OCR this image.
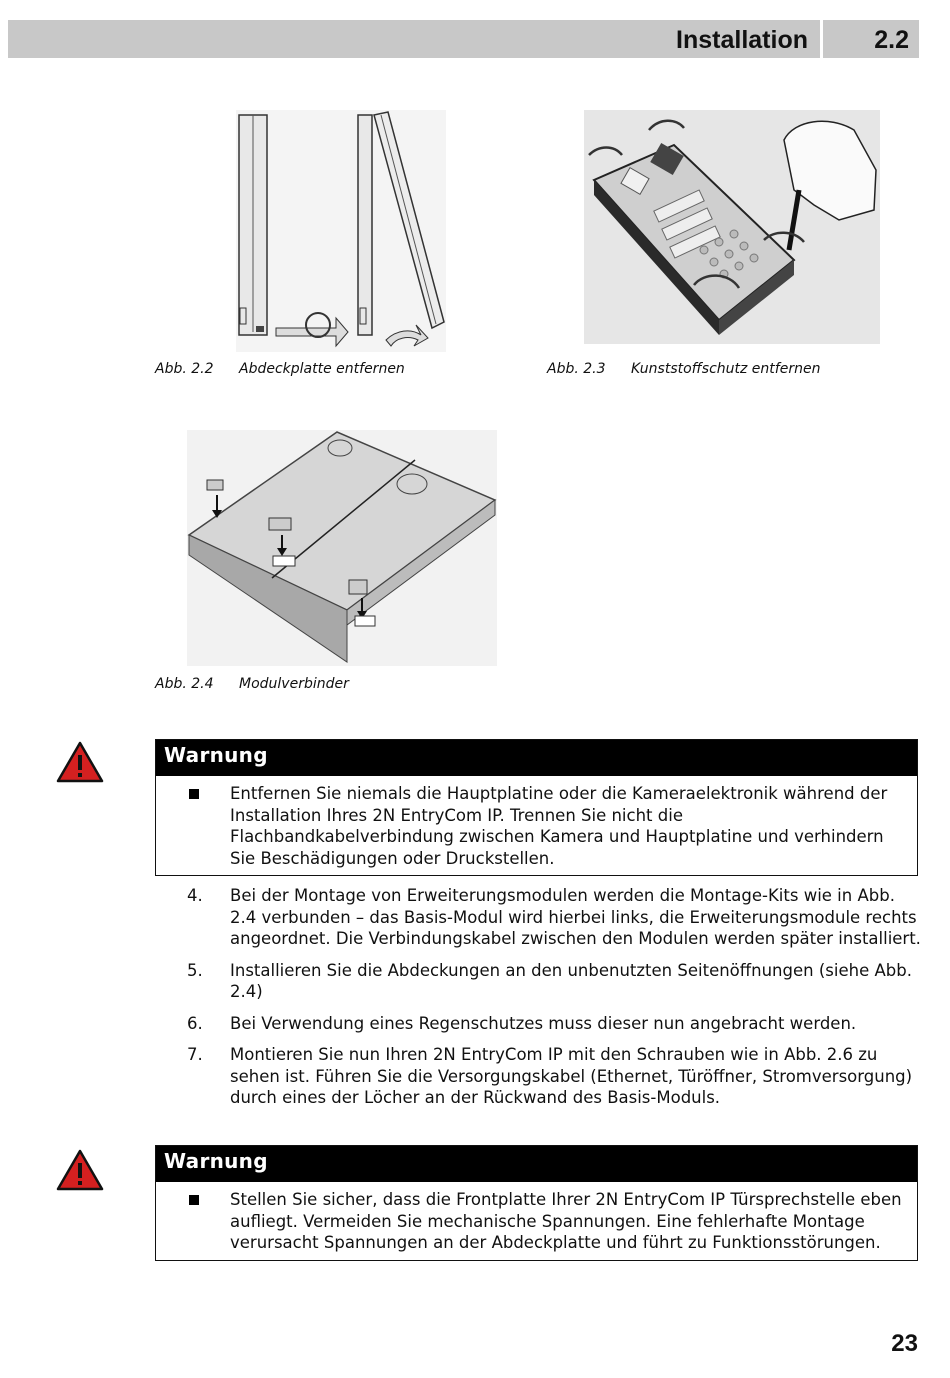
Installation	2.2
Abb. 2.2 Abdeckplatte entfernen	Abb. 2.3 Kunststoffschutz entfernen
Abb. 2.4 Modulverbinder
Warnung
Entfernen Sie niemals die Hauptplatine oder die Kameraelektronik während der Installation Ihres 2N EntryCom IP. Trennen Sie nicht die Flachbandkabelverbindung zwischen Kamera und Hauptplatine und verhindern Sie Beschädigungen oder Druckstellen.
4. Bei der Montage von Erweiterungsmodulen werden die Montage-Kits wie in Abb. 2.4 verbunden – das Basis-Modul wird hierbei links, die Erweiterungsmodule rechts angeordnet. Die Verbindungskabel zwischen den Modulen werden später installiert.
5. Installieren Sie die Abdeckungen an den unbenutzten Seitenöffnungen (siehe Abb. 2.4)
6. Bei Verwendung eines Regenschutzes muss dieser nun angebracht werden.
7. Montieren Sie nun Ihren 2N EntryCom IP mit den Schrauben wie in Abb. 2.6 zu sehen ist. Führen Sie die Versorgungskabel (Ethernet, Türöffner, Stromversorgung) durch eines der Löcher an der Rückwand des Basis-Moduls.
Warnung
Stellen Sie sicher, dass die Frontplatte Ihrer 2N EntryCom IP Türsprechstelle eben aufliegt. Vermeiden Sie mechanische Spannungen. Eine fehlerhafte Montage verursacht Spannungen an der Abdeckplatte und führt zu Funktionsstörungen.
23
